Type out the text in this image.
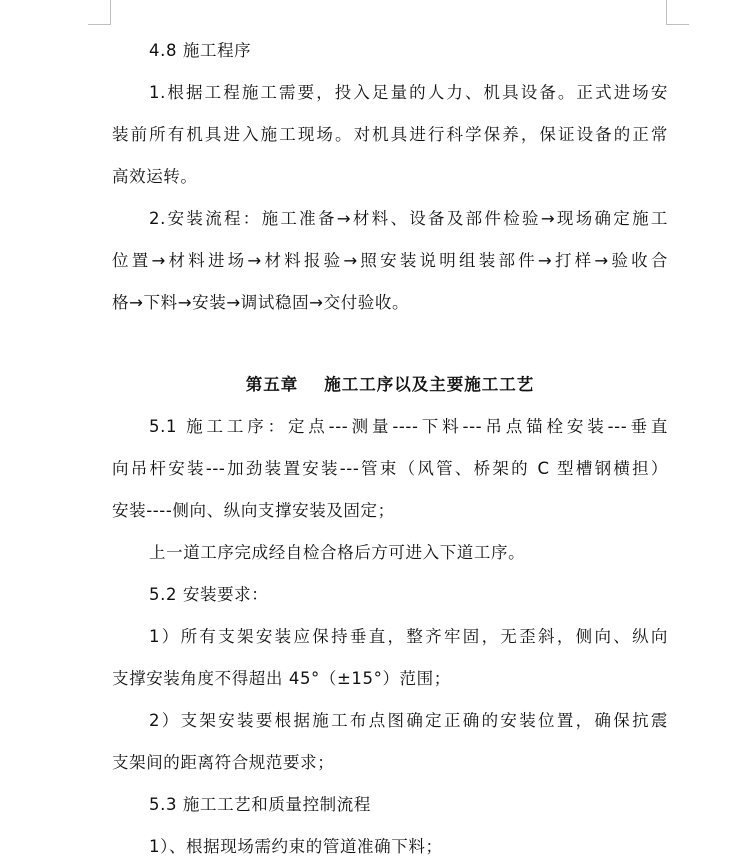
4.8 施工程序
1.根据工程施工需要，投入足量的人力、机具设备。正式进场安
装前所有机具进入施工现场。对机具进行科学保养，保证设备的正常
高效运转。
2.安装流程：施工准备→材料、设备及部件检验→现场确定施工
位置→材料进场→材料报验→照安装说明组装部件→打样→验收合
格→下料→安装→调试稳固→交付验收。
第五章 施工工序以及主要施工工艺
5.1 施工工序：定点---测量----下料---吊点锚栓安装---垂直
向吊杆安装---加劲装置安装---管束（风管、桥架的 C 型槽钢横担）
安装----侧向、纵向支撑安装及固定；
上一道工序完成经自检合格后方可进入下道工序。
5.2 安装要求：
1）所有支架安装应保持垂直，整齐牢固，无歪斜，侧向、纵向
支撑安装角度不得超出 45°（±15°）范围；
2）支架安装要根据施工布点图确定正确的安装位置，确保抗震
支架间的距离符合规范要求；
5.3 施工工艺和质量控制流程
1）、根据现场需约束的管道准确下料；
